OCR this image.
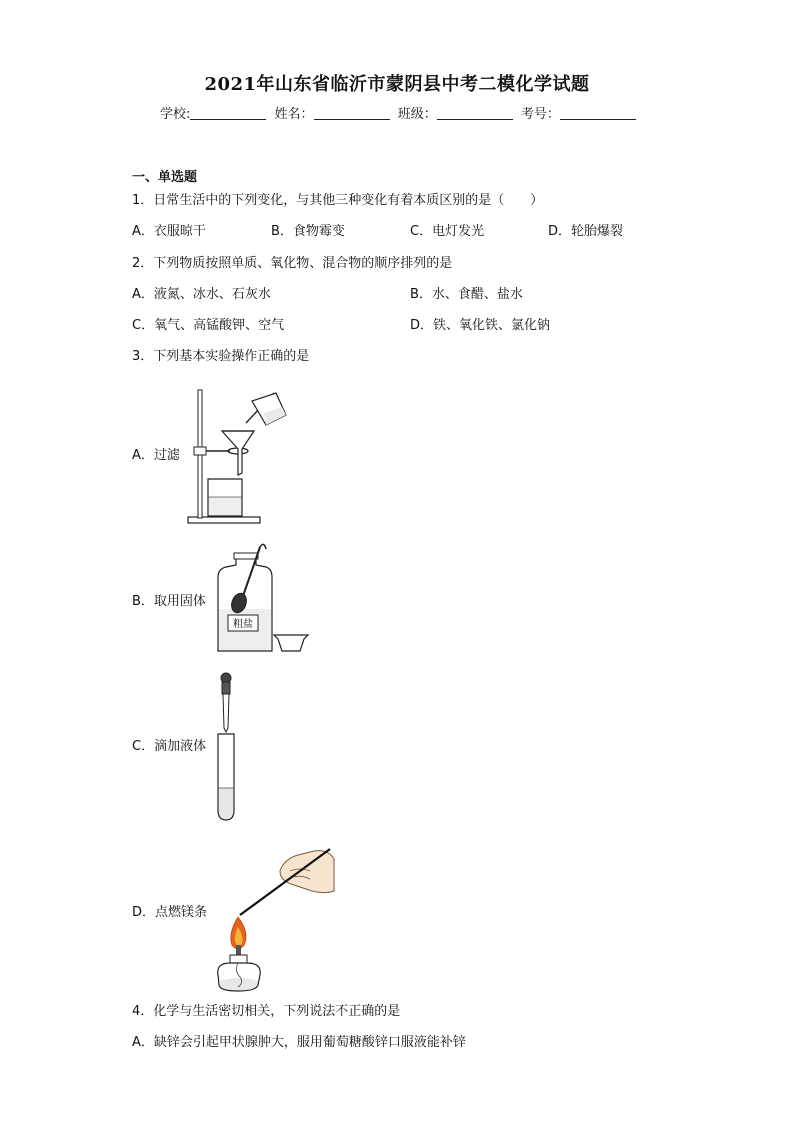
2021年山东省临沂市蒙阴县中考二模化学试题
学校:	姓名：	班级：	考号：
一、单选题
1．日常生活中的下列变化，与其他三种变化有着本质区别的是（　　）
A．衣服晾干	B．食物霉变	C．电灯发光	D．轮胎爆裂
2．下列物质按照单质、氧化物、混合物的顺序排列的是
A．液氮、冰水、石灰水	B．水、食醋、盐水
C．氧气、高锰酸钾、空气	D．铁、氧化铁、氯化钠
3．下列基本实验操作正确的是
A．过滤
B．取用固体
粗盐
C．滴加液体
D．点燃镁条
4．化学与生活密切相关，下列说法不正确的是
A．缺锌会引起甲状腺肿大，服用葡萄糖酸锌口服液能补锌
